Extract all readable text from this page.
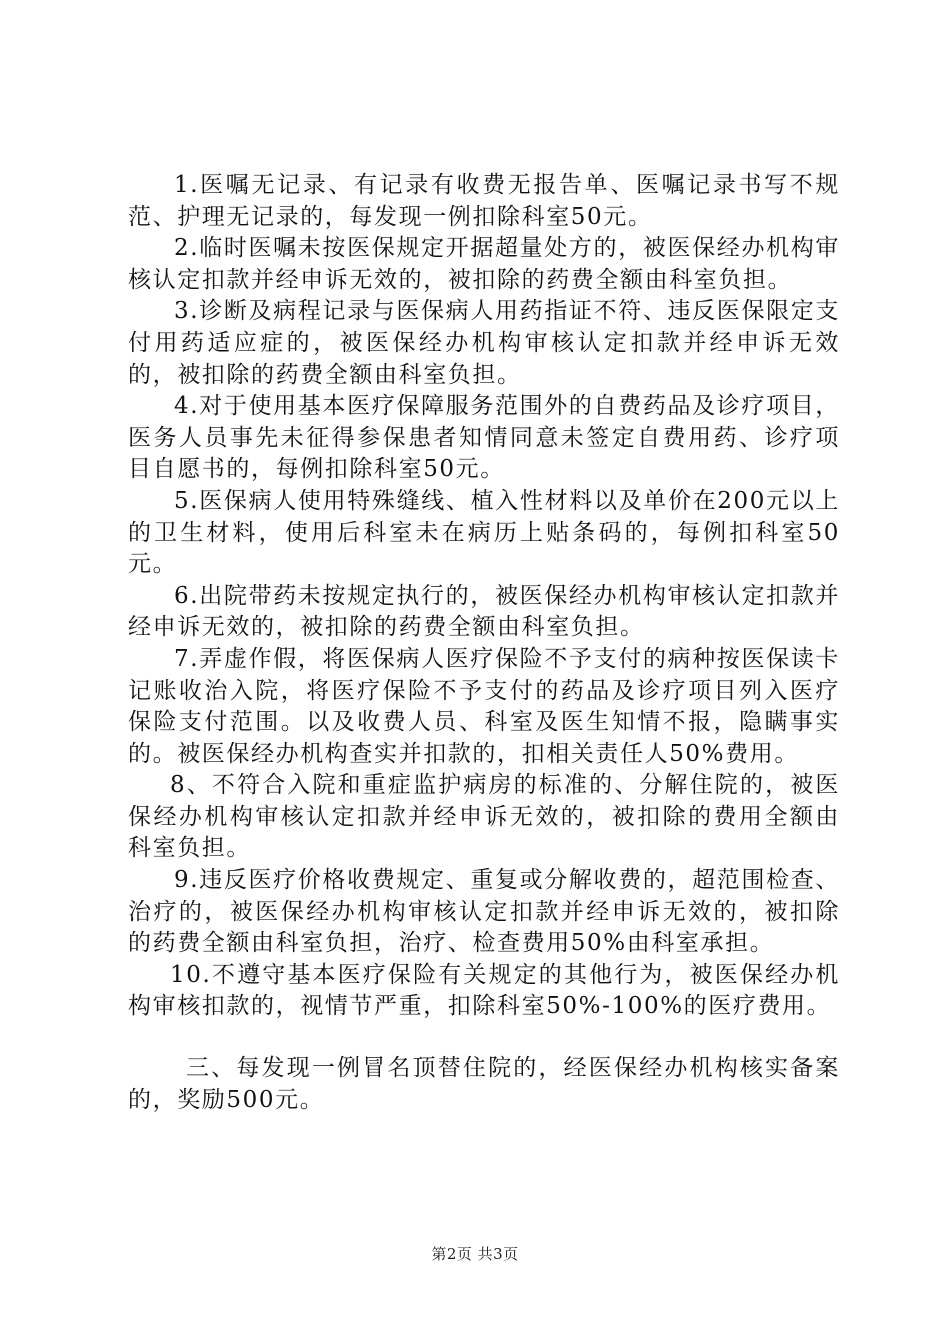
1.医嘱无记录、有记录有收费无报告单、医嘱记录书写不规范、护理无记录的，每发现一例扣除科室50元。

2.临时医嘱未按医保规定开据超量处方的，被医保经办机构审核认定扣款并经申诉无效的，被扣除的药费全额由科室负担。

3.诊断及病程记录与医保病人用药指证不符、违反医保限定支付用药适应症的，被医保经办机构审核认定扣款并经申诉无效的，被扣除的药费全额由科室负担。

4.对于使用基本医疗保障服务范围外的自费药品及诊疗项目，医务人员事先未征得参保患者知情同意未签定自费用药、诊疗项目自愿书的，每例扣除科室50元。

5.医保病人使用特殊缝线、植入性材料以及单价在200元以上的卫生材料，使用后科室未在病历上贴条码的，每例扣科室50元。

6.出院带药未按规定执行的，被医保经办机构审核认定扣款并经申诉无效的，被扣除的药费全额由科室负担。

7.弄虚作假，将医保病人医疗保险不予支付的病种按医保读卡记账收治入院，将医疗保险不予支付的药品及诊疗项目列入医疗保险支付范围。以及收费人员、科室及医生知情不报，隐瞒事实的。被医保经办机构查实并扣款的，扣相关责任人50%费用。

8、不符合入院和重症监护病房的标准的、分解住院的，被医保经办机构审核认定扣款并经申诉无效的，被扣除的费用全额由科室负担。

9.违反医疗价格收费规定、重复或分解收费的，超范围检查、治疗的，被医保经办机构审核认定扣款并经申诉无效的，被扣除的药费全额由科室负担，治疗、检查费用50%由科室承担。

10.不遵守基本医疗保险有关规定的其他行为，被医保经办机构审核扣款的，视情节严重，扣除科室50%-100%的医疗费用。

三、每发现一例冒名顶替住院的，经医保经办机构核实备案的，奖励500元。

第2页 共3页
